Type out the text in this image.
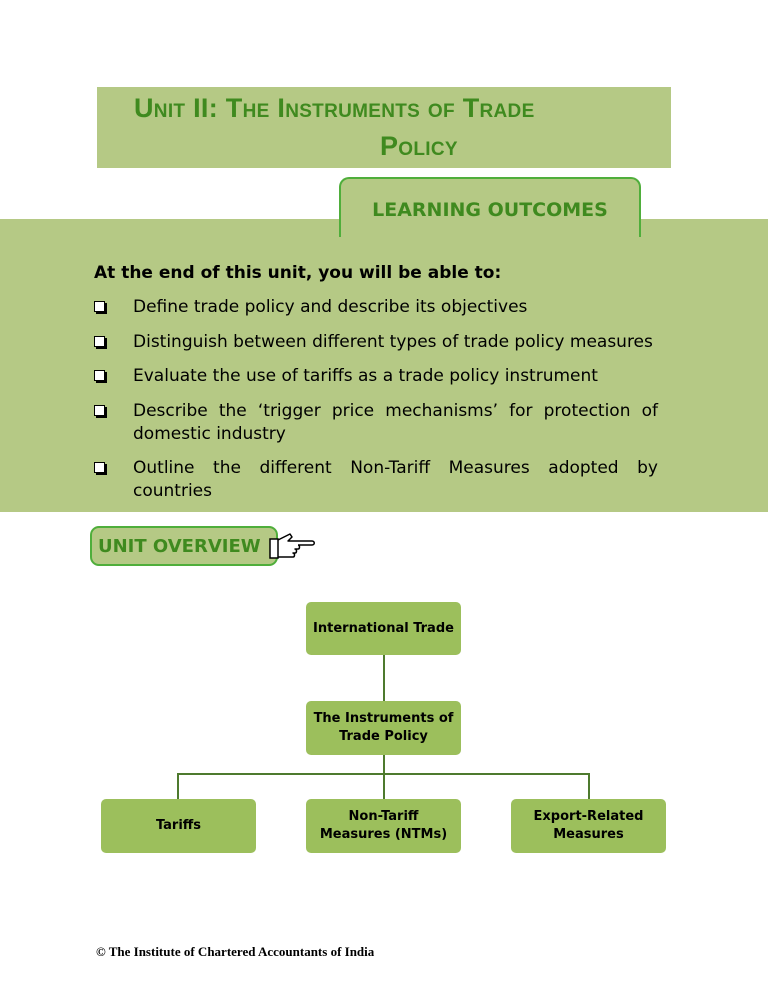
Unit II: The Instruments of Trade
Policy
At the end of this unit, you will be able to:
Define trade policy and describe its objectives
Distinguish between different types of trade policy measures
Evaluate the use of tariffs as a trade policy instrument
Describe the ‘trigger price mechanisms’ for protection of domestic industry
Outline the different Non-Tariff Measures adopted by countries
LEARNING OUTCOMES
UNIT OVERVIEW
International Trade
The Instruments of Trade Policy
Tariffs
Non-Tariff Measures (NTMs)
Export-Related Measures
© The Institute of Chartered Accountants of India
